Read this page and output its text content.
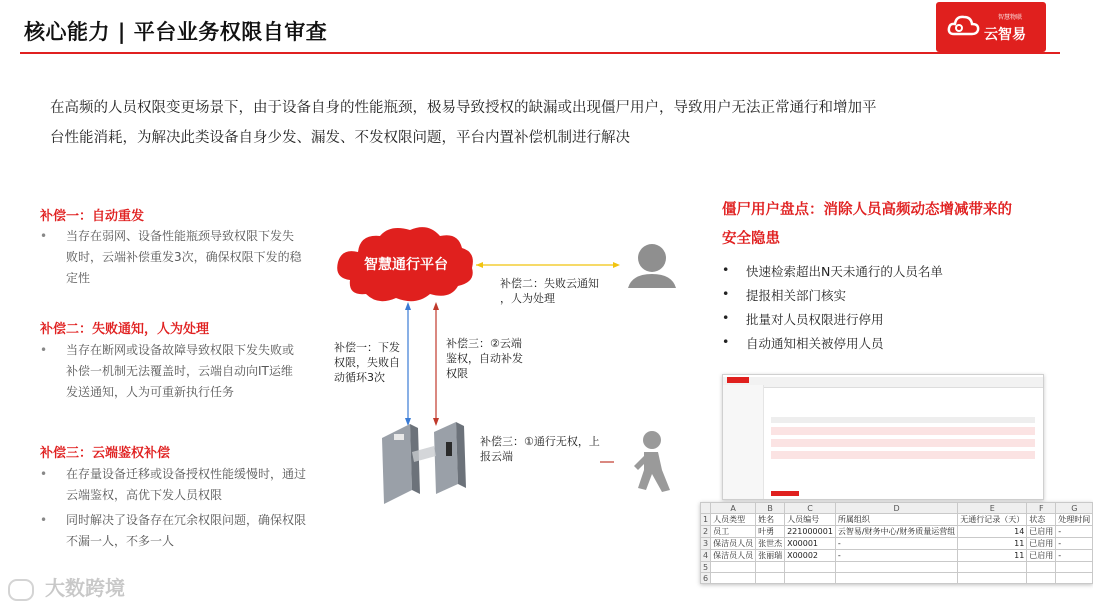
核心能力 | 平台业务权限自审查
智慧物联
云智易
在高频的人员权限变更场景下，由于设备自身的性能瓶颈，极易导致授权的缺漏或出现僵尸用户，导致用户无法正常通行和增加平
台性能消耗，为解决此类设备自身少发、漏发、不发权限问题，平台内置补偿机制进行解决
补偿一：自动重发
• 当存在弱网、设备性能瓶颈导致权限下发失
败时，云端补偿重发3次，确保权限下发的稳
定性
补偿二：失败通知，人为处理
• 当存在断网或设备故障导致权限下发失败或
补偿一机制无法覆盖时，云端自动向IT运维
发送通知，人为可重新执行任务
补偿三：云端鉴权补偿
• 在存量设备迁移或设备授权性能缓慢时，通过
云端鉴权，高优下发人员权限
• 同时解决了设备存在冗余权限问题，确保权限
不漏一人，不多一人
智慧通行平台
补偿二：失败云通知
，人为处理
补偿一：下发
权限，失败自
动循环3次
补偿三：②云端
鉴权，自动补发
权限
补偿三：①通行无权，上
报云端
僵尸用户盘点：消除人员高频动态增减带来的
安全隐患
• 快速检索超出N天未通行的人员名单
• 提报相关部门核实
• 批量对人员权限进行停用
• 自动通知相关被停用人员
	A	B	C	D	E	F	G
1	人员类型	姓名	人员编号	所属组织	无通行记录（天）	状态	处理时间
2	员工	叶勇	221000001	云智易/财务中心/财务质量运营组	14	已启用	-
3	保洁员人员	张世杰	X00001	-	11	已启用	-
4	保洁员人员	张丽瑞	X00002	-	11	已启用	-
5							
6							
大数跨境
